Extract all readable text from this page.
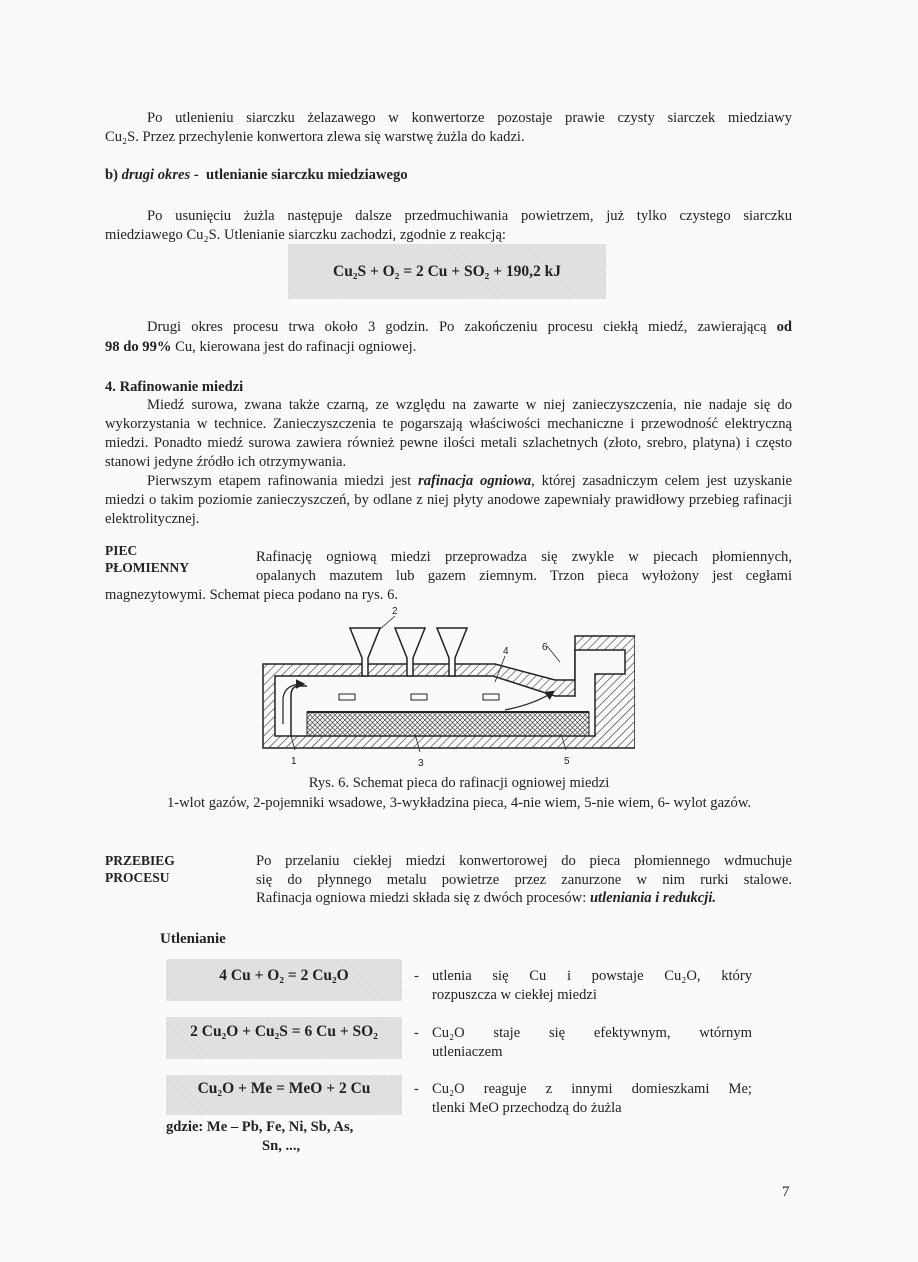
Po utlenieniu siarczku żelazawego w konwertorze pozostaje prawie czysty siarczek miedziawy
Cu₂S. Przez przechylenie konwertora zlewa się warstwę żużla do kadzi.
b) drugi okres -  utlenianie siarczku miedziawego
Po usunięciu żużla następuje dalsze przedmuchiwania powietrzem, już tylko czystego siarczku
miedziawego Cu₂S. Utlenianie siarczku zachodzi, zgodnie z reakcją:
Cu₂S + O₂ = 2 Cu + SO₂ + 190,2 kJ
Drugi okres procesu trwa około 3 godzin. Po zakończeniu procesu ciekłą miedź, zawierającą od
98 do 99% Cu, kierowana jest do rafinacji ogniowej.
4. Rafinowanie miedzi
Miedź surowa, zwana także czarną, ze względu na zawarte w niej zanieczyszczenia, nie nadaje się do wykorzystania w technice. Zanieczyszczenia te pogarszają właściwości mechaniczne i przewodność elektryczną miedzi. Ponadto miedź surowa zawiera również pewne ilości metali szlachetnych (złoto, srebro, platyna) i często stanowi jedyne źródło ich otrzymywania.
Pierwszym etapem rafinowania miedzi jest rafinacja ogniowa, której zasadniczym celem jest uzyskanie miedzi o takim poziomie zanieczyszczeń, by odlane z niej płyty anodowe zapewniały prawidłowy przebieg rafinacji elektrolitycznej.
PIEC
PŁOMIENNY
Rafinację ogniową miedzi przeprowadza się zwykle w piecach płomiennych,
opalanych mazutem lub gazem ziemnym. Trzon pieca wyłożony jest cegłami
magnezytowymi. Schemat pieca podano na rys. 6.
1
2
3
4
5
6
Rys. 6. Schemat pieca do rafinacji ogniowej miedzi
1-wlot gazów, 2-pojemniki wsadowe, 3-wykładzina pieca, 4-nie wiem, 5-nie wiem, 6- wylot gazów.
PRZEBIEG
PROCESU
Po przelaniu ciekłej miedzi konwertorowej do pieca płomiennego wdmuchuje
się do płynnego metalu powietrze przez zanurzone w nim rurki stalowe.
Rafinacja ogniowa miedzi składa się z dwóch procesów: utleniania i redukcji.
Utlenianie
4 Cu + O₂ = 2 Cu₂O	- utlenia się Cu i powstaje Cu₂O, który
rozpuszcza w ciekłej miedzi
2 Cu₂O + Cu₂S = 6 Cu + SO₂	- Cu₂O staje się efektywnym, wtórnym
utleniaczem
Cu₂O + Me = MeO + 2 Cu	- Cu₂O reaguje z innymi domieszkami Me;
tlenki MeO przechodzą do żużla
gdzie: Me – Pb, Fe, Ni, Sb, As,
Sn, ...,
7
